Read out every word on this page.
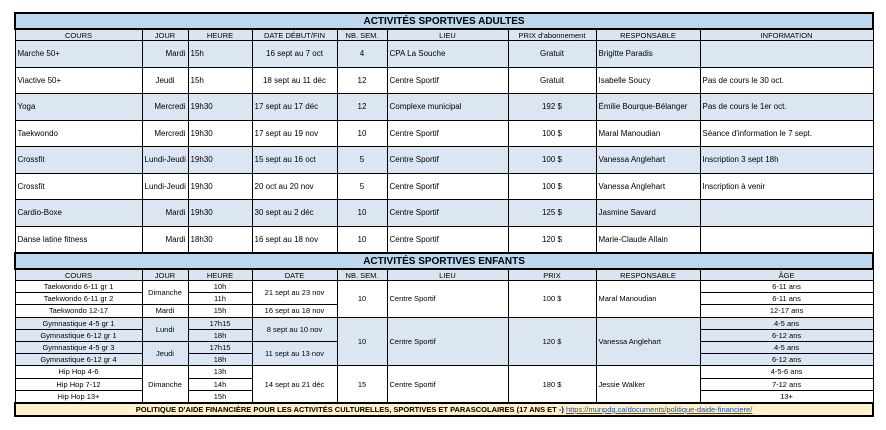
ACTIVITÉS SPORTIVES ADULTES								
COURS	JOUR	HEURE	DATE DÉBUT/FIN	NB. SEM.	LIEU	PRIX d'abonnement	RESPONSABLE	INFORMATION
Marche 50+	Mardi	15h	16 sept au 7 oct	4	CPA La Souche	Gratuit	Brigitte Paradis	
Viactive 50+	Jeudi	15h	18 sept au 11 déc	12	Centre Sportif	Gratuit	Isabelle Soucy	Pas de cours le 30 oct.
Yoga	Mercredi	19h30	17 sept au 17 déc	12	Complexe municipal	192 $	Émilie Bourque-Bélanger	Pas de cours le 1er oct.
Taekwondo	Mercredi	19h30	17 sept au 19 nov	10	Centre Sportif	100 $	Maral Manoudian	Séance d'information le 7 sept.
Crossfit	Lundi-Jeudi	19h30	15 sept au 16 oct	5	Centre Sportif	100 $	Vanessa Anglehart	Inscription 3 sept 18h
Crossfit	Lundi-Jeudi	19h30	20 oct au 20 nov	5	Centre Sportif	100 $	Vanessa Anglehart	Inscription à venir
Cardio-Boxe	Mardi	19h30	30 sept au 2 déc	10	Centre Sportif	125 $	Jasmine Savard	
Danse latine fitness	Mardi	18h30	16 sept au 18 nov	10	Centre Sportif	120 $	Marie-Claude Allain	
ACTIVITÉS SPORTIVES ENFANTS								
COURS	JOUR	HEURE	DATE	NB. SEM.	LIEU	PRIX	RESPONSABLE	ÂGE
Taekwondo 6-11 gr 1	Dimanche	10h	21 sept au 23 nov	10	Centre Sportif	100 $	Maral Manoudian	6-11 ans
Taekwondo 6-11 gr 2		11h						6-11 ans
Taekwondo 12-17	Mardi	15h	16 sept au 18 nov					12-17 ans
Gymnastique 4-5 gr 1	Lundi	17h15	8 sept au 10 nov	10	Centre Sportif	120 $	Vanessa Anglehart	4-5 ans
Gymnastique 6-12 gr 1		18h						6-12 ans
Gymnastique 4-5 gr 3	Jeudi	17h15	11 sept au 13 nov					4-5 ans
Gymnastique 6-12 gr 4		18h						6-12 ans
Hip Hop 4-6	Dimanche	13h	14 sept au 21 déc	15	Centre Sportif	180 $	Jessie Walker	4-5-6 ans
Hip Hop 7-12		14h						7-12 ans
Hip Hop 13+		15h						13+
POLITIQUE D'AIDE FINANCIÈRE POUR LES ACTIVITÉS CULTURELLES, SPORTIVES ET PARASCOLAIRES (17 ANS ET -) https://munpdg.ca/documents/politique-daide-financiere/								
